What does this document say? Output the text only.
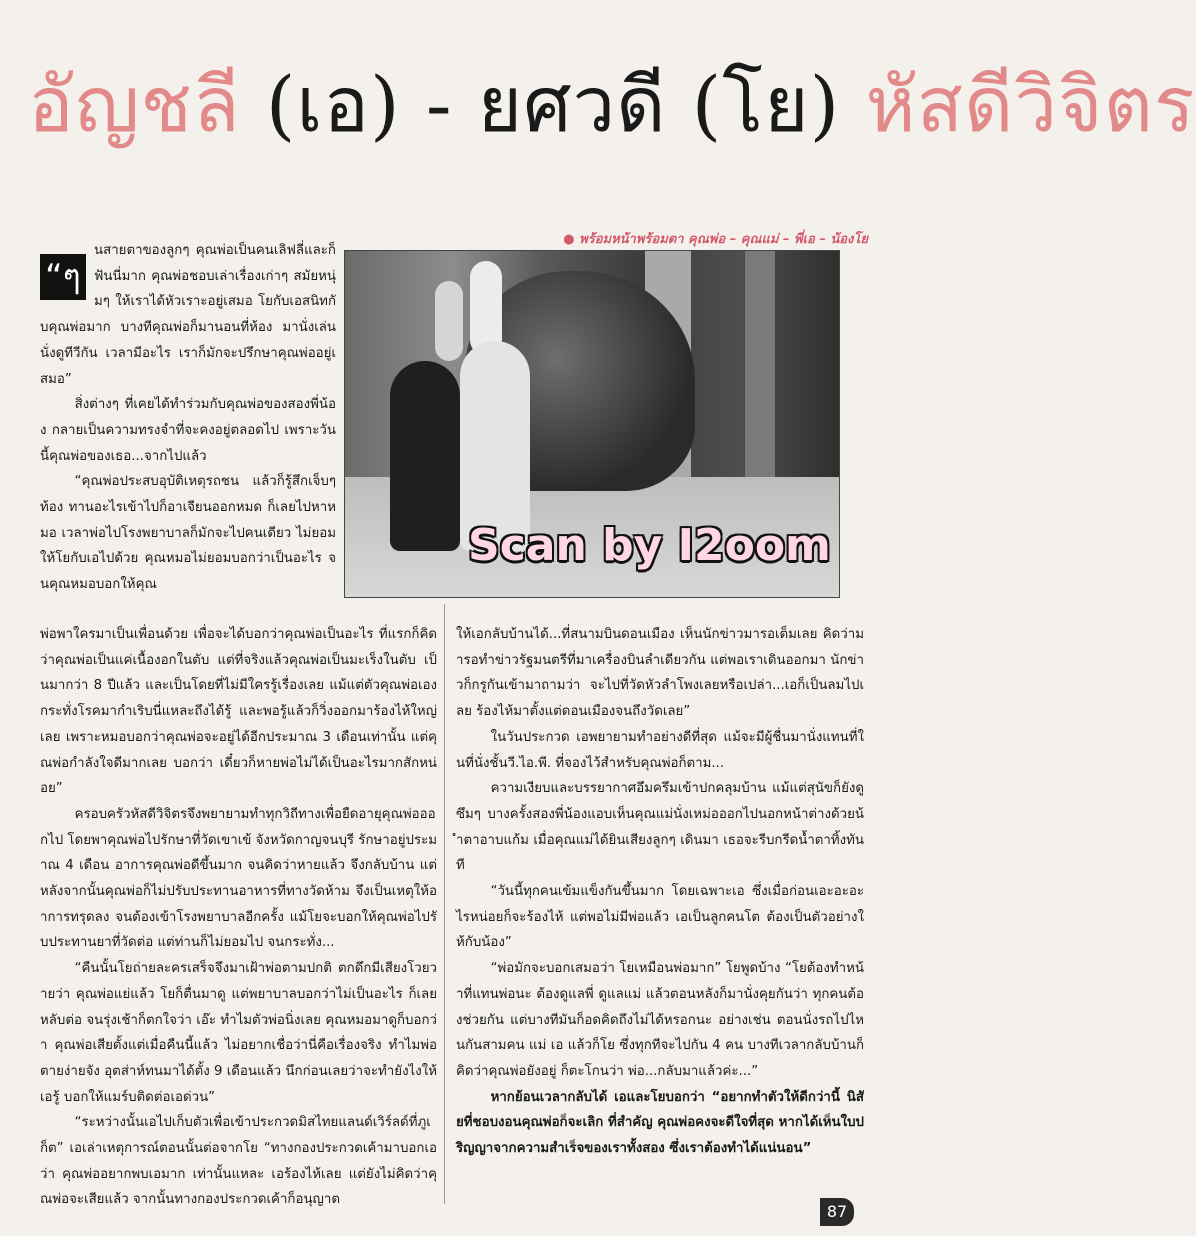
อัญชลี (เอ) - ยศวดี (โย) หัสดีวิจิตร
● พร้อมหน้าพร้อมตา คุณพ่อ – คุณแม่ – พี่เอ – น้องโย
Scan by I2oom
“ๆ

นสายตาของลูกๆ คุณพ่อเป็นคนเลิฟลี่และก็ฟันนี่มาก คุณพ่อชอบเล่าเรื่องเก่าๆ สมัยหนุ่มๆ ให้เราได้หัวเราะอยู่เสมอ โยกับเอสนิทกับคุณพ่อมาก บางทีคุณพ่อก็มานอนที่ห้อง มานั่งเล่น นั่งดูทีวีกัน เวลามีอะไร เราก็มักจะปรึกษาคุณพ่ออยู่เสมอ”

สิ่งต่างๆ ที่เคยได้ทำร่วมกับคุณพ่อของสองพี่น้อง กลายเป็นความทรงจำที่จะคงอยู่ตลอดไป เพราะวันนี้คุณพ่อของเธอ...จากไปแล้ว

“คุณพ่อประสบอุบัติเหตุรถชน แล้วก็รู้สึกเจ็บๆ ท้อง ทานอะไรเข้าไปก็อาเจียนออกหมด ก็เลยไปหาหมอ เวลาพ่อไปโรงพยาบาลก็มักจะไปคนเดียว ไม่ยอมให้โยกับเอไปด้วย คุณหมอไม่ยอมบอกว่าเป็นอะไร จนคุณหมอบอกให้คุณ

พ่อพาใครมาเป็นเพื่อนด้วย เพื่อจะได้บอกว่าคุณพ่อเป็นอะไร ที่แรกก็คิดว่าคุณพ่อเป็นแค่เนื้องอกในตับ แต่ที่จริงแล้วคุณพ่อเป็นมะเร็งในตับ เป็นมากว่า 8 ปีแล้ว และเป็นโดยที่ไม่มีใครรู้เรื่องเลย แม้แต่ตัวคุณพ่อเอง กระทั่งโรคมากำเริบนี่แหละถึงได้รู้ และพอรู้แล้วก็วิ่งออกมาร้องไห้ใหญ่เลย เพราะหมอบอกว่าคุณพ่อจะอยู่ได้อีกประมาณ 3 เดือนเท่านั้น แต่คุณพ่อกำลังใจดีมากเลย บอกว่า เดี๋ยวก็หายพ่อไม่ได้เป็นอะไรมากสักหน่อย”

ครอบครัวหัสดีวิจิตรจึงพยายามทำทุกวิถีทางเพื่อยืดอายุคุณพ่อออกไป โดยพาคุณพ่อไปรักษาที่วัดเขาเข้ จังหวัดกาญจนบุรี รักษาอยู่ประมาณ 4 เดือน อาการคุณพ่อดีขึ้นมาก จนคิดว่าหายแล้ว จึงกลับบ้าน แต่หลังจากนั้นคุณพ่อก็ไม่ปรับประทานอาหารที่ทางวัดห้าม จึงเป็นเหตุให้อาการทรุดลง จนต้องเข้าโรงพยาบาลอีกครั้ง แม้โยจะบอกให้คุณพ่อไปรับประทานยาที่วัดต่อ แต่ท่านก็ไม่ยอมไป จนกระทั่ง...

“คืนนั้นโยถ่ายละครเสร็จจึงมาเฝ้าพ่อตามปกติ ตกดึกมีเสียงโวยวายว่า คุณพ่อแย่แล้ว โยก็ตื่นมาดู แต่พยาบาลบอกว่าไม่เป็นอะไร ก็เลยหลับต่อ จนรุ่งเช้าก็ตกใจว่า เอ๊ะ ทำไมตัวพ่อนิ่งเลย คุณหมอมาดูก็บอกว่า คุณพ่อเสียตั้งแต่เมื่อคืนนี้แล้ว ไม่อยากเชื่อว่านี่คือเรื่องจริง ทำไมพ่อตายง่ายจัง อุตส่าห์ทนมาได้ตั้ง 9 เดือนแล้ว นึกก่อนเลยว่าจะทำยังไงให้เอรู้ บอกให้แมร์บติดต่อเอด่วน”

“ระหว่างนั้นเอไปเก็บตัวเพื่อเข้าประกวดมิสไทยแลนด์เวิร์ลด์ที่ภูเก็ต” เอเล่าเหตุการณ์ตอนนั้นต่อจากโย “ทางกองประกวดเค้ามาบอกเอว่า คุณพ่ออยากพบเอมาก เท่านั้นแหละ เอร้องไห้เลย แต่ยังไม่คิดว่าคุณพ่อจะเสียแล้ว จากนั้นทางกองประกวดเค้าก็อนุญาต

ให้เอกลับบ้านได้...ที่สนามบินดอนเมือง เห็นนักข่าวมารอเต็มเลย คิดว่ามารอทำข่าวรัฐมนตรีที่มาเครื่องบินลำเดียวกัน แต่พอเราเดินออกมา นักข่าวก็กรูกันเข้ามาถามว่า จะไปที่วัดหัวลำโพงเลยหรือเปล่า...เอก็เป็นลมไปเลย ร้องไห้มาตั้งแต่ดอนเมืองจนถึงวัดเลย”

ในวันประกวด เอพยายามทำอย่างดีที่สุด แม้จะมีผู้ชื่นมานั่งแทนที่ในที่นั่งชั้นวี.ไอ.พี. ที่จองไว้สำหรับคุณพ่อก็ตาม...

ความเงียบและบรรยากาศอึมครึมเข้าปกคลุมบ้าน แม้แต่สุนัขก็ยังดูซึมๆ บางครั้งสองพี่น้องแอบเห็นคุณแม่นั่งเหม่อออกไปนอกหน้าต่างด้วยน้ำตาอาบแก้ม เมื่อคุณแม่ได้ยินเสียงลูกๆ เดินมา เธอจะรีบกรีดน้ำตาทิ้งทันที

“วันนี้ทุกคนเข้มแข็งกันขึ้นมาก โดยเฉพาะเอ ซึ่งเมื่อก่อนเอะอะอะไรหน่อยก็จะร้องไห้ แต่พอไม่มีพ่อแล้ว เอเป็นลูกคนโต ต้องเป็นตัวอย่างให้กับน้อง”

“พ่อมักจะบอกเสมอว่า โยเหมือนพ่อมาก” โยพูดบ้าง “โยต้องทำหน้าที่แทนพ่อนะ ต้องดูแลพี่ ดูแลแม่ แล้วตอนหลังก็มานั่งคุยกันว่า ทุกคนต้องช่วยกัน แต่บางทีมันก็อดคิดถึงไม่ได้หรอกนะ อย่างเช่น ตอนนั่งรถไปไหนกันสามคน แม่ เอ แล้วก็โย ซึ่งทุกทีจะไปกัน 4 คน บางทีเวลากลับบ้านก็คิดว่าคุณพ่อยังอยู่ ก็ตะโกนว่า พ่อ...กลับมาแล้วค่ะ...”

หากย้อนเวลากลับได้ เอและโยบอกว่า “อยากทำตัวให้ดีกว่านี้ นิสัยที่ชอบงอนคุณพ่อก็จะเลิก ที่สำคัญ คุณพ่อคงจะดีใจที่สุด หากได้เห็นใบปริญญาจากความสำเร็จของเราทั้งสอง ซึ่งเราต้องทำได้แน่นอน”

87
